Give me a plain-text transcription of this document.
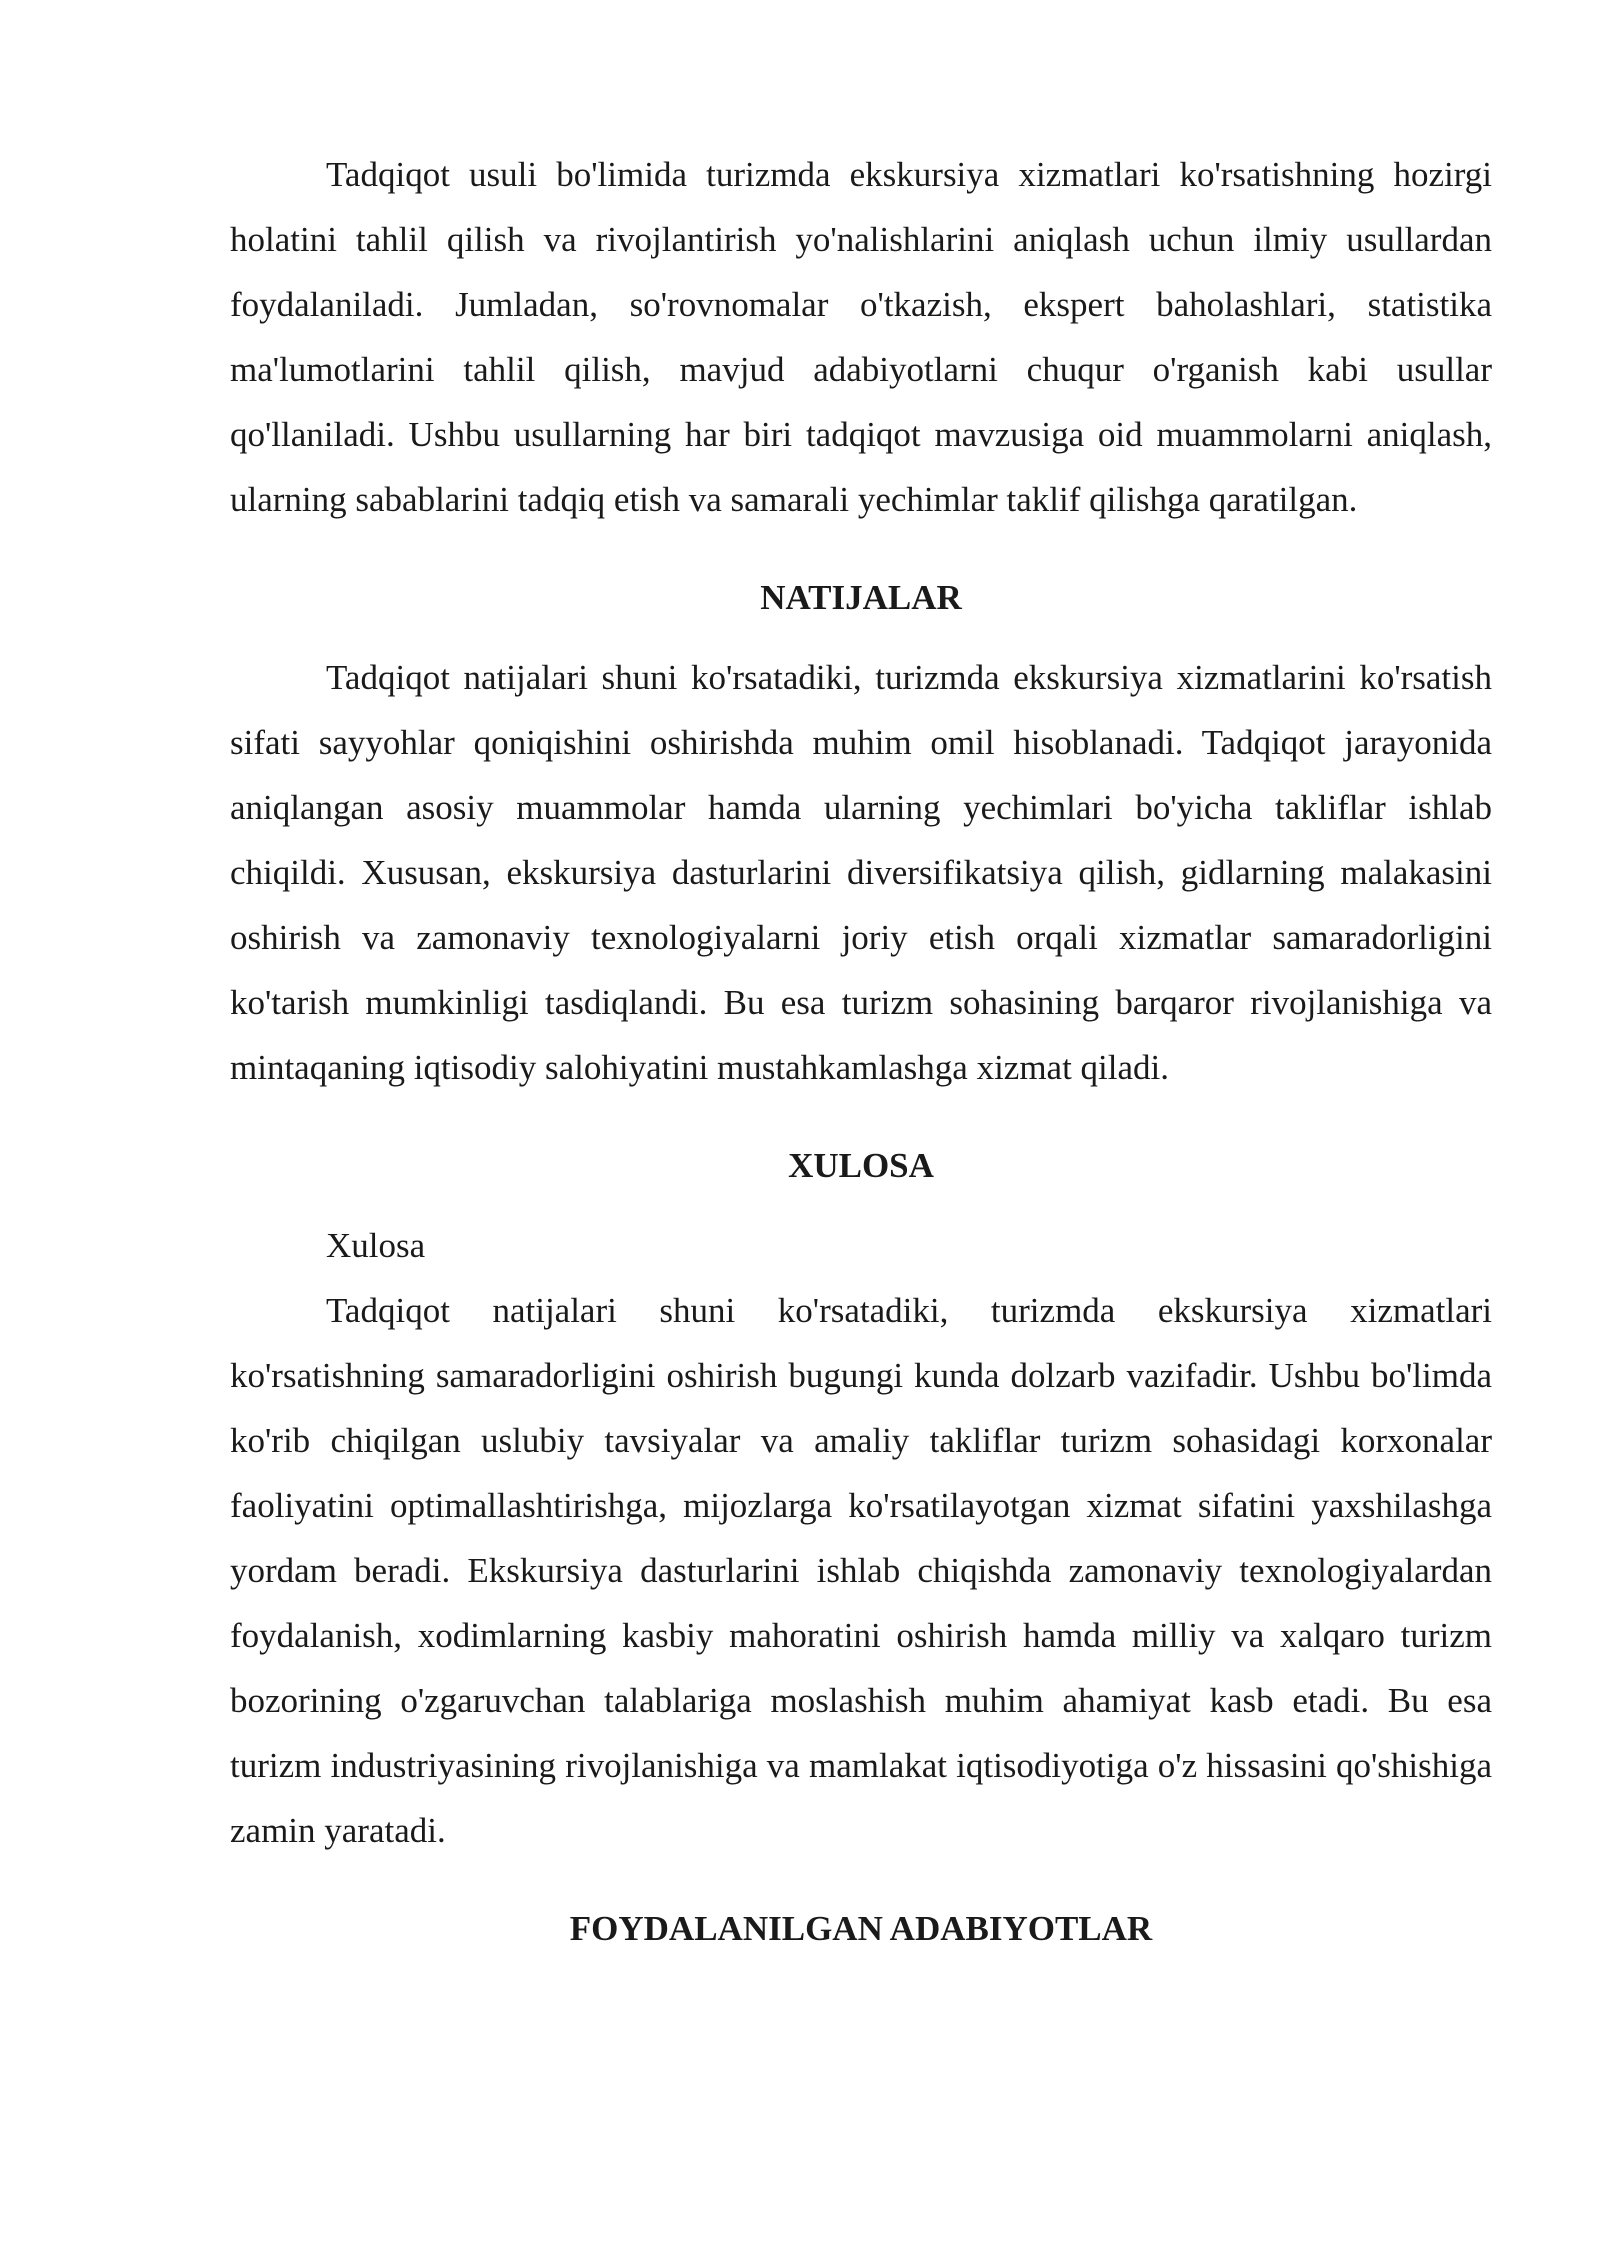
Tadqiqot usuli bo'limida turizmda ekskursiya xizmatlari ko'rsatishning hozirgi holatini tahlil qilish va rivojlantirish yo'nalishlarini aniqlash uchun ilmiy usullardan foydalaniladi. Jumladan, so'rovnomalar o'tkazish, ekspert baholashlari, statistika ma'lumotlarini tahlil qilish, mavjud adabiyotlarni chuqur o'rganish kabi usullar qo'llaniladi. Ushbu usullarning har biri tadqiqot mavzusiga oid muammolarni aniqlash, ularning sabablarini tadqiq etish va samarali yechimlar taklif qilishga qaratilgan.

NATIJALAR

Tadqiqot natijalari shuni ko'rsatadiki, turizmda ekskursiya xizmatlarini ko'rsatish sifati sayyohlar qoniqishini oshirishda muhim omil hisoblanadi. Tadqiqot jarayonida aniqlangan asosiy muammolar hamda ularning yechimlari bo'yicha takliflar ishlab chiqildi. Xususan, ekskursiya dasturlarini diversifikatsiya qilish, gidlarning malakasini oshirish va zamonaviy texnologiyalarni joriy etish orqali xizmatlar samaradorligini ko'tarish mumkinligi tasdiqlandi. Bu esa turizm sohasining barqaror rivojlanishiga va mintaqaning iqtisodiy salohiyatini mustahkamlashga xizmat qiladi.

XULOSA

Xulosa

Tadqiqot natijalari shuni ko'rsatadiki, turizmda ekskursiya xizmatlari ko'rsatishning samaradorligini oshirish bugungi kunda dolzarb vazifadir. Ushbu bo'limda ko'rib chiqilgan uslubiy tavsiyalar va amaliy takliflar turizm sohasidagi korxonalar faoliyatini optimallashtirishga, mijozlarga ko'rsatilayotgan xizmat sifatini yaxshilashga yordam beradi. Ekskursiya dasturlarini ishlab chiqishda zamonaviy texnologiyalardan foydalanish, xodimlarning kasbiy mahoratini oshirish hamda milliy va xalqaro turizm bozorining o'zgaruvchan talablariga moslashish muhim ahamiyat kasb etadi. Bu esa turizm industriyasining rivojlanishiga va mamlakat iqtisodiyotiga o'z hissasini qo'shishiga zamin yaratadi.

FOYDALANILGAN ADABIYOTLAR
